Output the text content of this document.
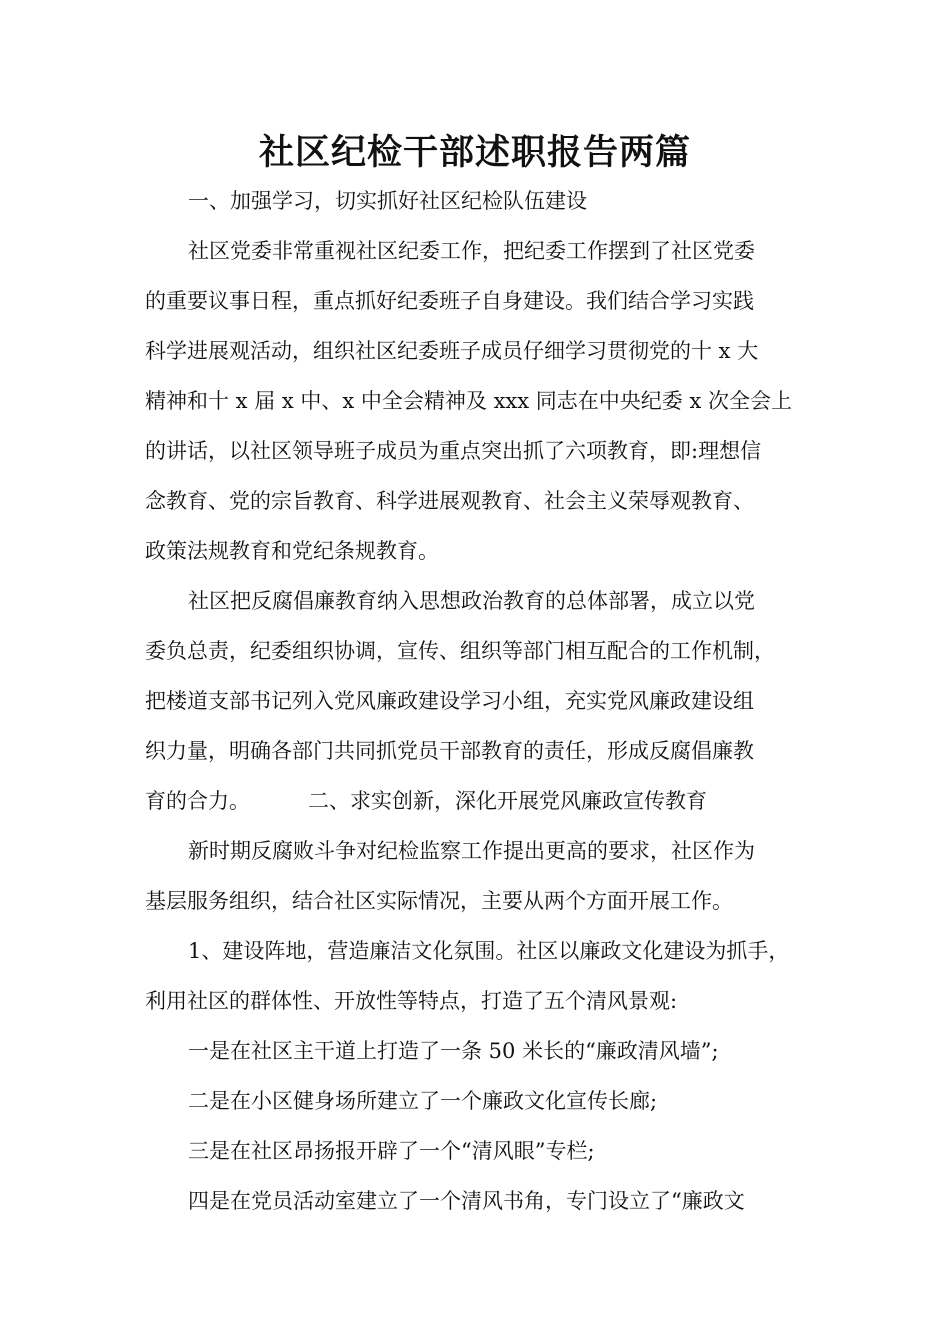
社区纪检干部述职报告两篇

一、加强学习，切实抓好社区纪检队伍建设

社区党委非常重视社区纪委工作，把纪委工作摆到了社区党委

的重要议事日程，重点抓好纪委班子自身建设。我们结合学习实践

科学进展观活动，组织社区纪委班子成员仔细学习贯彻党的十 x 大

精神和十 x 届 x 中、x 中全会精神及 xxx 同志在中央纪委 x 次全会上

的讲话，以社区领导班子成员为重点突出抓了六项教育，即:理想信

念教育、党的宗旨教育、科学进展观教育、社会主义荣辱观教育、

政策法规教育和党纪条规教育。

社区把反腐倡廉教育纳入思想政治教育的总体部署，成立以党

委负总责，纪委组织协调，宣传、组织等部门相互配合的工作机制，

把楼道支部书记列入党风廉政建设学习小组，充实党风廉政建设组

织力量，明确各部门共同抓党员干部教育的责任，形成反腐倡廉教

育的合力。	二、求实创新，深化开展党风廉政宣传教育

新时期反腐败斗争对纪检监察工作提出更高的要求，社区作为

基层服务组织，结合社区实际情况，主要从两个方面开展工作。

1、建设阵地，营造廉洁文化氛围。社区以廉政文化建设为抓手，

利用社区的群体性、开放性等特点，打造了五个清风景观:

一是在社区主干道上打造了一条 50 米长的“廉政清风墙”;

二是在小区健身场所建立了一个廉政文化宣传长廊;

三是在社区昂扬报开辟了一个“清风眼”专栏;

四是在党员活动室建立了一个清风书角，专门设立了“廉政文
